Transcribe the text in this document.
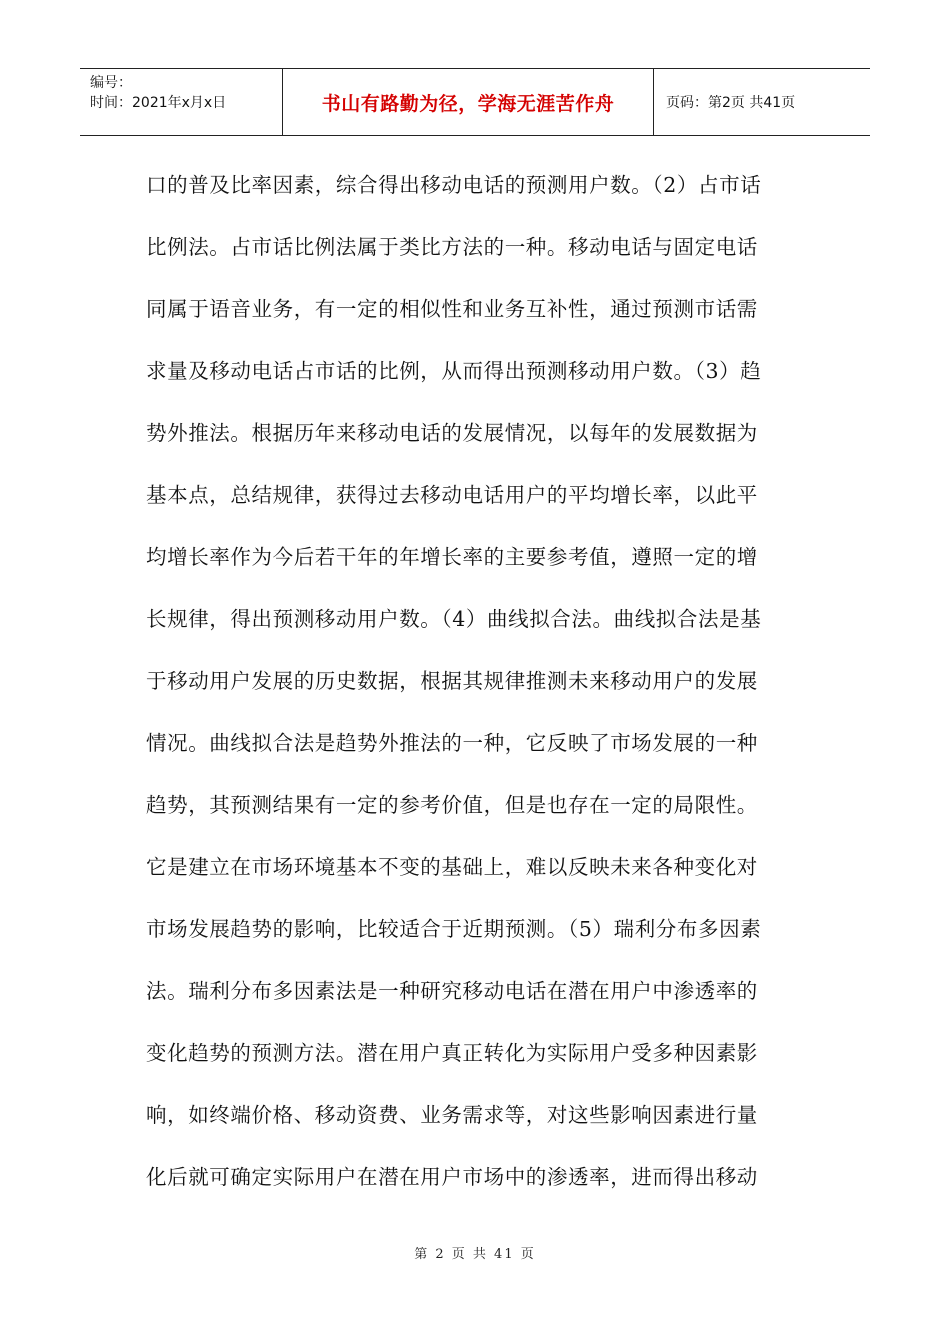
编号：
时间：2021年x月x日	书山有路勤为径，学海无涯苦作舟	页码：第2页 共41页
口的普及比率因素，综合得出移动电话的预测用户数。（2）占市话
比例法。占市话比例法属于类比方法的一种。移动电话与固定电话
同属于语音业务，有一定的相似性和业务互补性，通过预测市话需
求量及移动电话占市话的比例，从而得出预测移动用户数。（3）趋
势外推法。根据历年来移动电话的发展情况，以每年的发展数据为
基本点，总结规律，获得过去移动电话用户的平均增长率，以此平
均增长率作为今后若干年的年增长率的主要参考值，遵照一定的增
长规律，得出预测移动用户数。（4）曲线拟合法。曲线拟合法是基
于移动用户发展的历史数据，根据其规律推测未来移动用户的发展
情况。曲线拟合法是趋势外推法的一种，它反映了市场发展的一种
趋势，其预测结果有一定的参考价值，但是也存在一定的局限性。
它是建立在市场环境基本不变的基础上，难以反映未来各种变化对
市场发展趋势的影响，比较适合于近期预测。（5）瑞利分布多因素
法。瑞利分布多因素法是一种研究移动电话在潜在用户中渗透率的
变化趋势的预测方法。潜在用户真正转化为实际用户受多种因素影
响，如终端价格、移动资费、业务需求等，对这些影响因素进行量
化后就可确定实际用户在潜在用户市场中的渗透率，进而得出移动
第 2 页 共 41 页
